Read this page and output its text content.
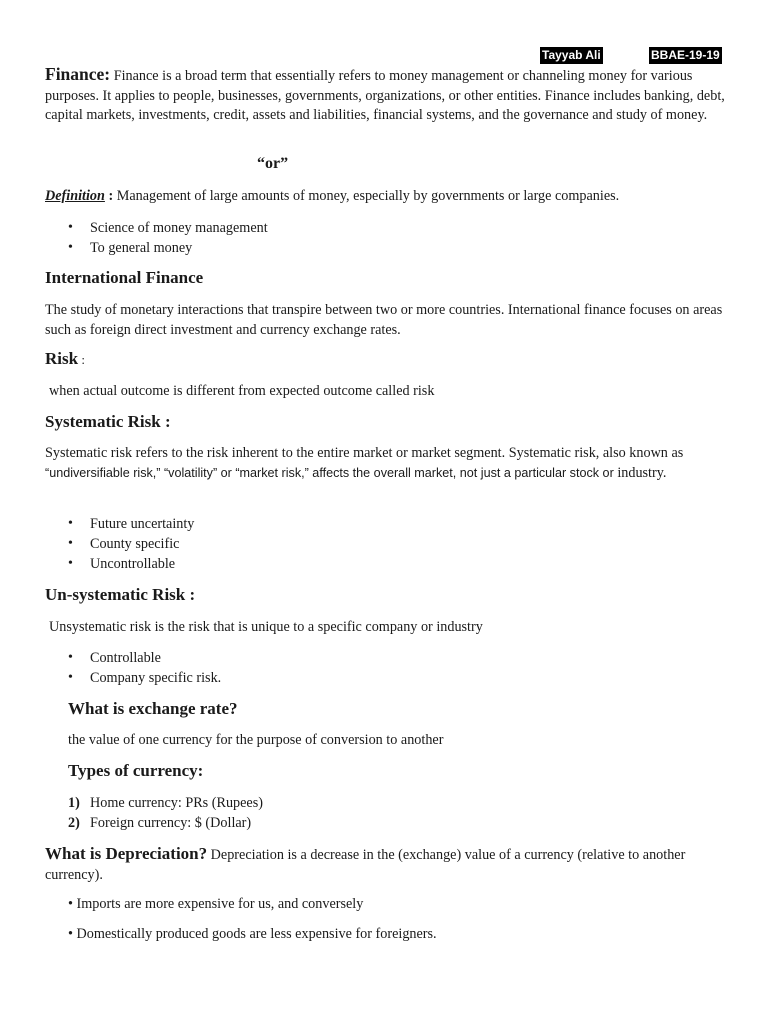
Tayyab Ali	BBAE-19-19
Finance: Finance is a broad term that essentially refers to money management or channeling money for various purposes. It applies to people, businesses, governments, organizations, or other entities. Finance includes banking, debt, capital markets, investments, credit, assets and liabilities, financial systems, and the governance and study of money.
“or”
Definition : Management of large amounts of money, especially by governments or large companies.
• Science of money management
• To general money
International Finance
The study of monetary interactions that transpire between two or more countries. International finance focuses on areas such as foreign direct investment and currency exchange rates.
Risk :
when actual outcome is different from expected outcome called risk
Systematic Risk :
Systematic risk refers to the risk inherent to the entire market or market segment. Systematic risk, also known as “undiversifiable risk,” “volatility” or “market risk,” affects the overall market, not just a particular stock or industry.
• Future uncertainty
• County specific
• Uncontrollable
Un-systematic Risk :
Unsystematic risk is the risk that is unique to a specific company or industry
• Controllable
• Company specific risk.
What is exchange rate?
the value of one currency for the purpose of conversion to another
Types of currency:
1) Home currency: PRs (Rupees)
2) Foreign currency: $ (Dollar)
What is Depreciation? Depreciation is a decrease in the (exchange) value of a currency (relative to another currency).
• Imports are more expensive for us, and conversely
• Domestically produced goods are less expensive for foreigners.
